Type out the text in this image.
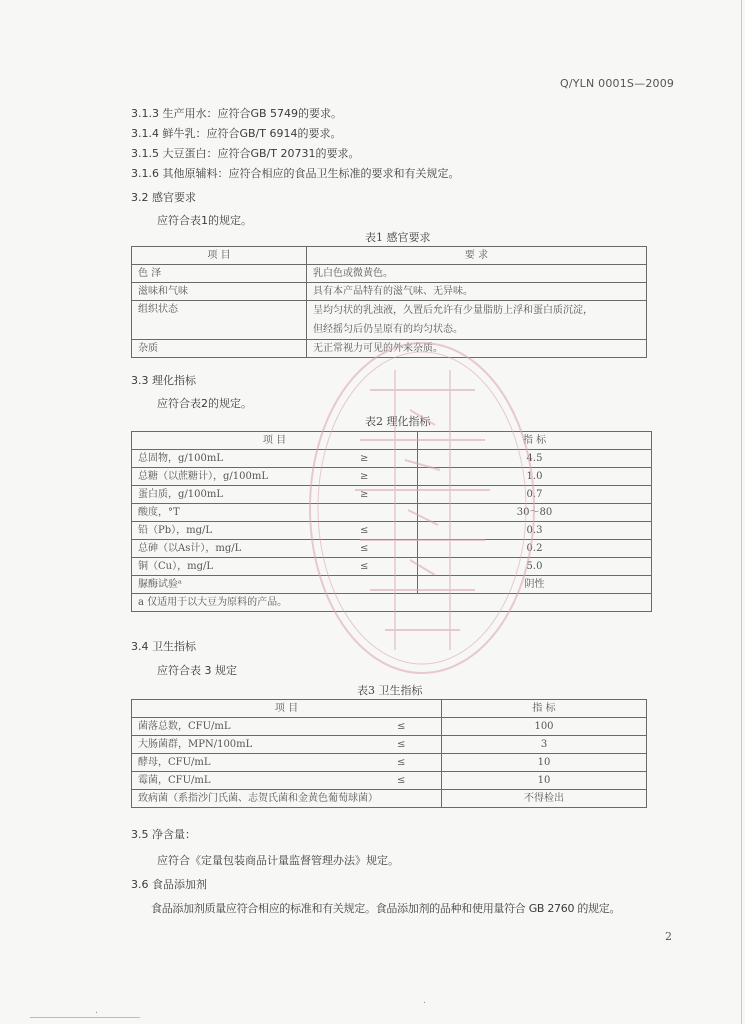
Q/YLN 0001S—2009
3.1.3 生产用水：应符合GB 5749的要求。
3.1.4 鲜牛乳：应符合GB/T 6914的要求。
3.1.5 大豆蛋白：应符合GB/T 20731的要求。
3.1.6 其他原辅料：应符合相应的食品卫生标准的要求和有关规定。
3.2 感官要求
应符合表1的规定。
表1 感官要求
项 目	要 求
色 泽	乳白色或微黄色。
滋味和气味	具有本产品特有的滋气味、无异味。
组织状态	呈均匀状的乳浊液，久置后允许有少量脂肪上浮和蛋白质沉淀，
但经摇匀后仍呈原有的均匀状态。

杂质	无正常视力可见的外来杂质。
3.3 理化指标
应符合表2的规定。
表2 理化指标
项 目		指 标
总固物，g/100mL	≥	4.5
总糖（以蔗糖计），g/100mL	≥	1.0
蛋白质，g/100mL	≥	0.7
酸度，°T		30～80
铅（Pb），mg/L	≤	0.3
总砷（以As计），mg/L	≤	0.2
铜（Cu），mg/L	≤	5.0
脲酶试验ᵃ		阴性
a 仅适用于以大豆为原料的产品。		
3.4 卫生指标
应符合表 3 规定
表3 卫生指标
项 目		指 标
菌落总数，CFU/mL	≤	100
大肠菌群，MPN/100mL	≤	3
酵母，CFU/mL	≤	10
霉菌，CFU/mL	≤	10
致病菌（系指沙门氏菌、志贺氏菌和金黄色葡萄球菌）		不得检出
3.5 净含量：
应符合《定量包装商品计量监督管理办法》规定。
3.6 食品添加剂
食品添加剂质量应符合相应的标准和有关规定。食品添加剂的品种和使用量符合 GB 2760 的规定。
2
.
.
